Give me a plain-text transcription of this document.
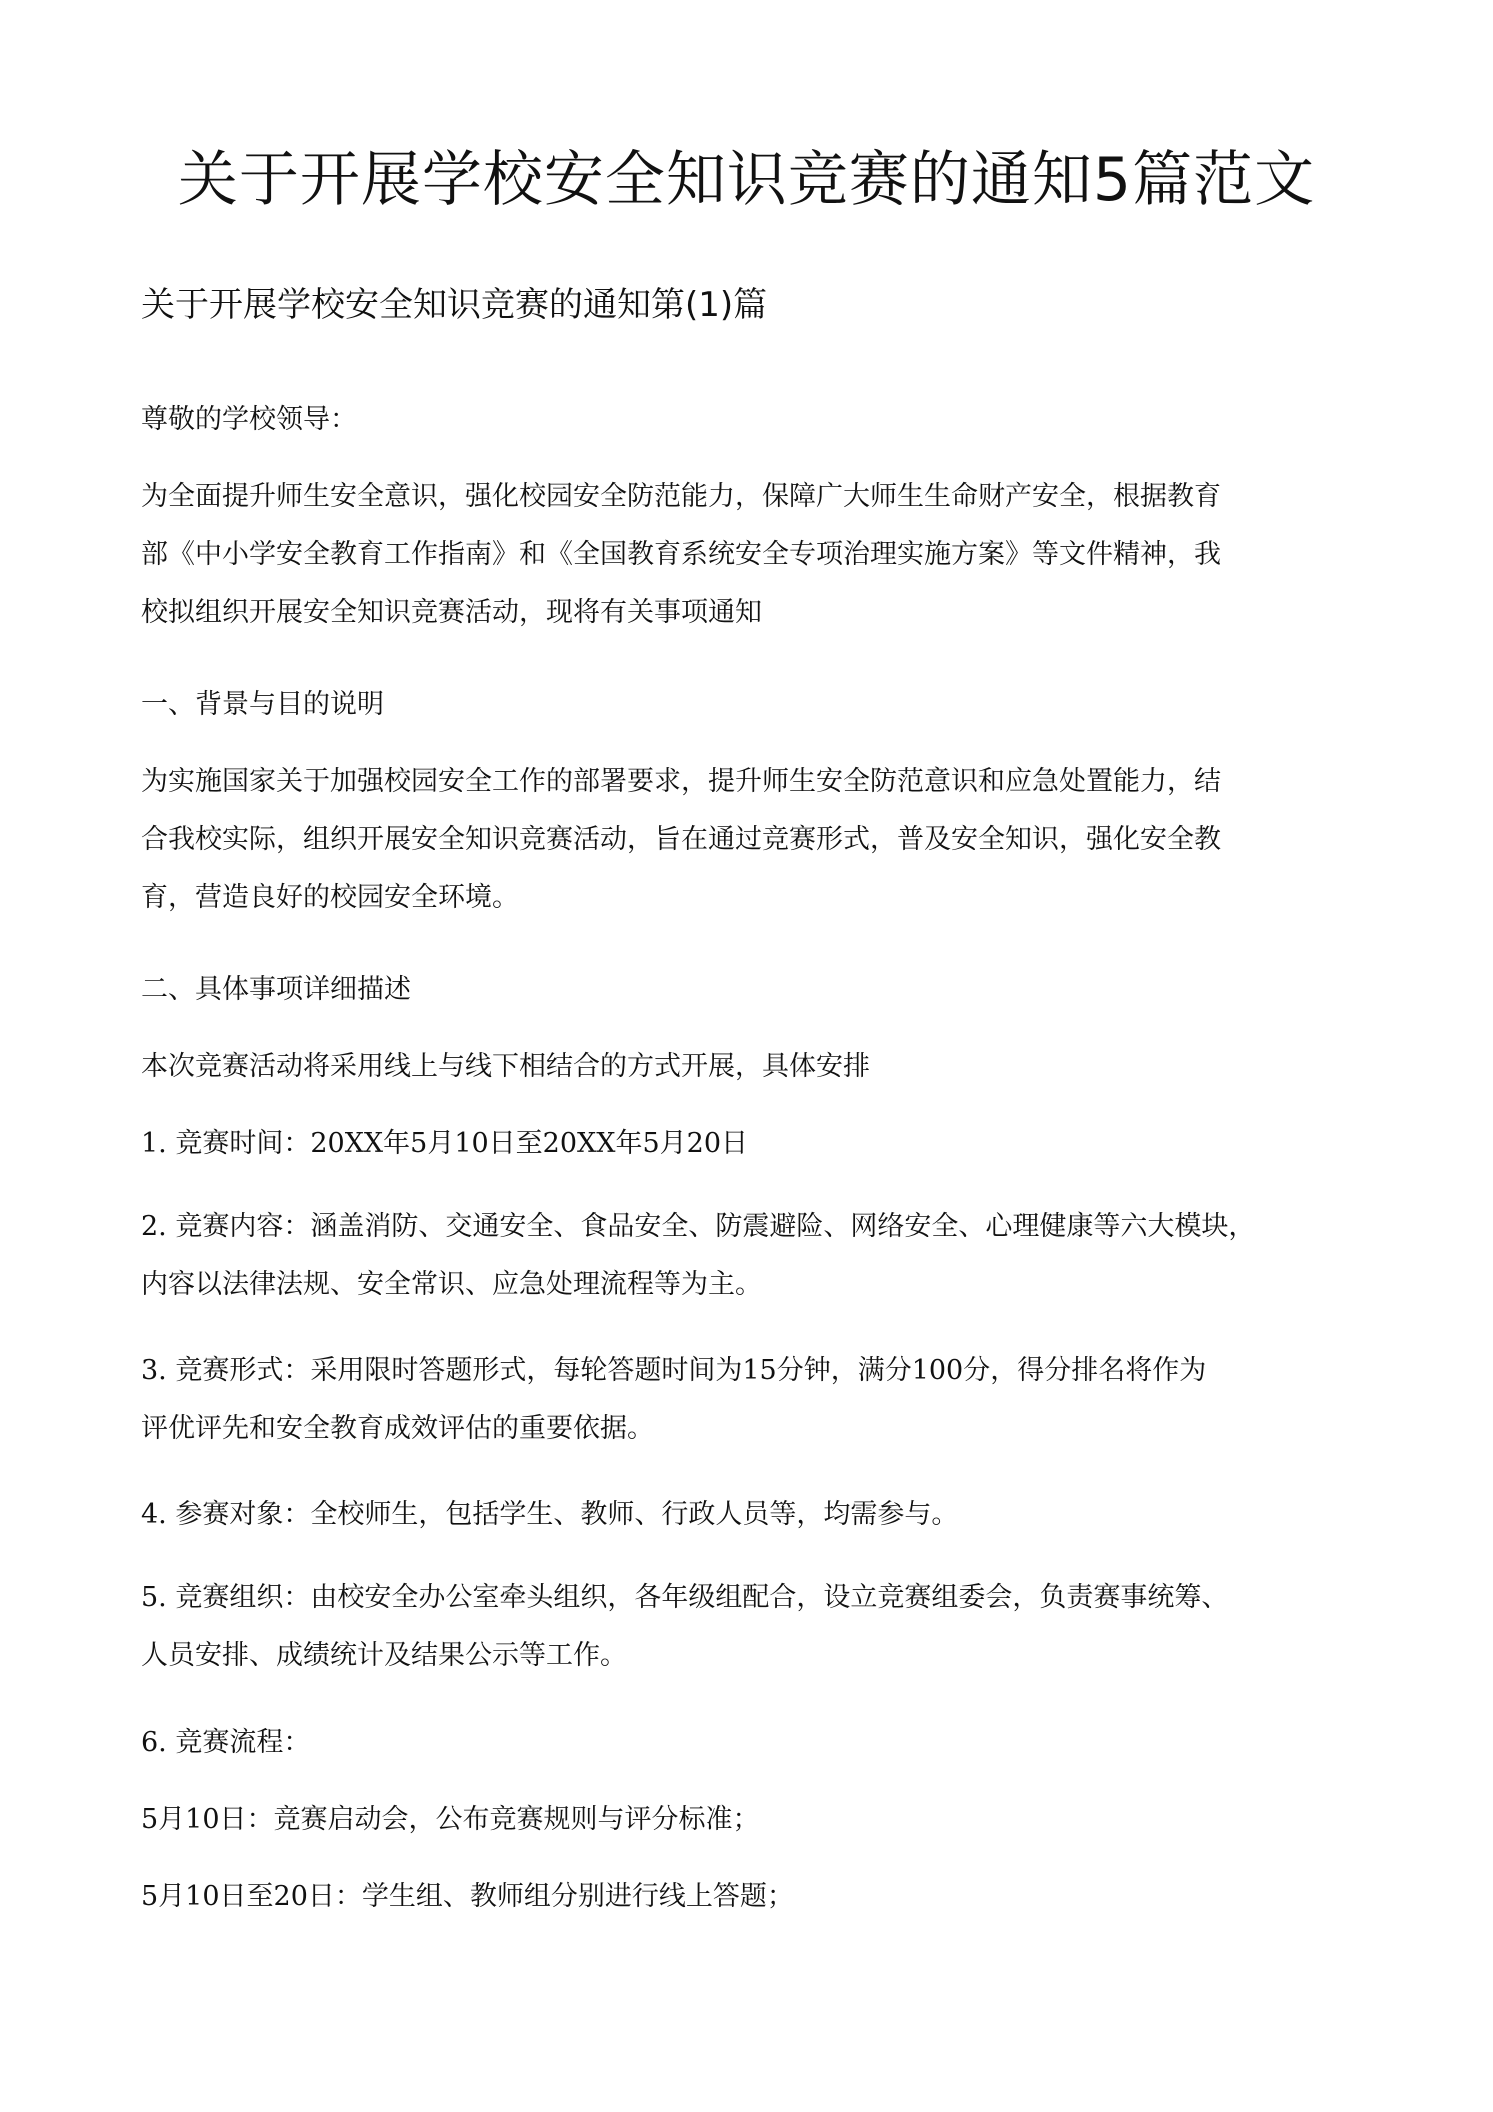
关于开展学校安全知识竞赛的通知5篇范文
关于开展学校安全知识竞赛的通知第(1)篇

尊敬的学校领导：

为全面提升师生安全意识，强化校园安全防范能力，保障广大师生生命财产安全，根据教育
部《中小学安全教育工作指南》和《全国教育系统安全专项治理实施方案》等文件精神，我
校拟组织开展安全知识竞赛活动，现将有关事项通知

一、背景与目的说明

为实施国家关于加强校园安全工作的部署要求，提升师生安全防范意识和应急处置能力，结
合我校实际，组织开展安全知识竞赛活动，旨在通过竞赛形式，普及安全知识，强化安全教
育，营造良好的校园安全环境。

二、具体事项详细描述

本次竞赛活动将采用线上与线下相结合的方式开展，具体安排

1. 竞赛时间：20XX年5月10日至20XX年5月20日

2. 竞赛内容：涵盖消防、交通安全、食品安全、防震避险、网络安全、心理健康等六大模块，
内容以法律法规、安全常识、应急处理流程等为主。
3. 竞赛形式：采用限时答题形式，每轮答题时间为15分钟，满分100分，得分排名将作为
评优评先和安全教育成效评估的重要依据。

4. 参赛对象：全校师生，包括学生、教师、行政人员等，均需参与。

5. 竞赛组织：由校安全办公室牵头组织，各年级组配合，设立竞赛组委会，负责赛事统筹、
人员安排、成绩统计及结果公示等工作。

6. 竞赛流程：

5月10日：竞赛启动会，公布竞赛规则与评分标准；

5月10日至20日：学生组、教师组分别进行线上答题；
